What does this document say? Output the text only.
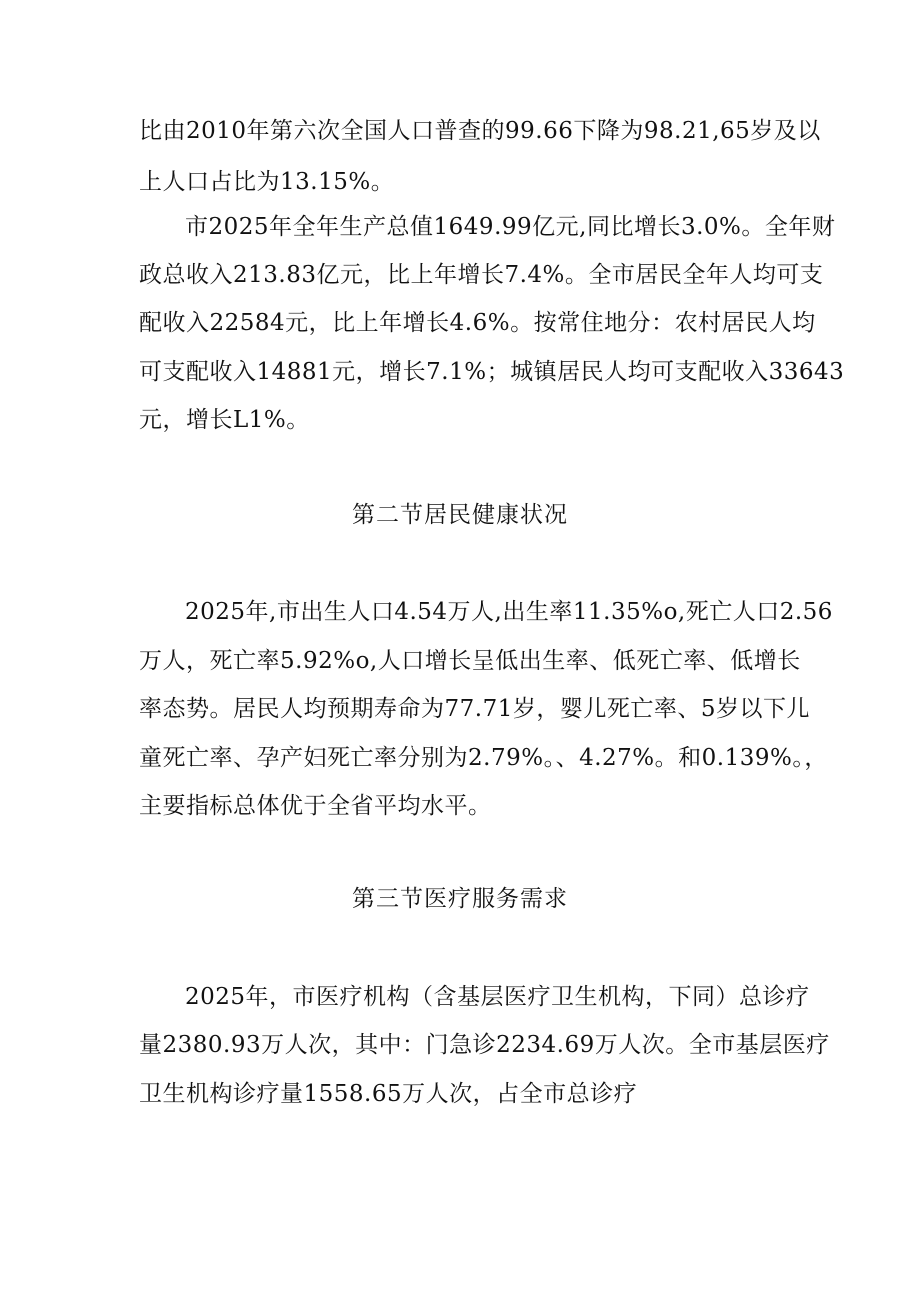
比由2010年第六次全国人口普查的99.66下降为98.21,65岁及以
上人口占比为13.15%。
市2025年全年生产总值1649.99亿元,同比增长3.0%。全年财
政总收入213.83亿元，比上年增长7.4%。全市居民全年人均可支
配收入22584元，比上年增长4.6%。按常住地分：农村居民人均
可支配收入14881元，增长7.1%；城镇居民人均可支配收入33643
元，增长L1%。
第二节居民健康状况
2025年,市出生人口4.54万人,出生率11.35%o,死亡人口2.56
万人，死亡率5.92%o,人口增长呈低出生率、低死亡率、低增长
率态势。居民人均预期寿命为77.71岁，婴儿死亡率、5岁以下儿
童死亡率、孕产妇死亡率分别为2.79%。、4.27%。和0.139%。，
主要指标总体优于全省平均水平。
第三节医疗服务需求
2025年，市医疗机构（含基层医疗卫生机构，下同）总诊疗
量2380.93万人次，其中：门急诊2234.69万人次。全市基层医疗
卫生机构诊疗量1558.65万人次，占全市总诊疗
